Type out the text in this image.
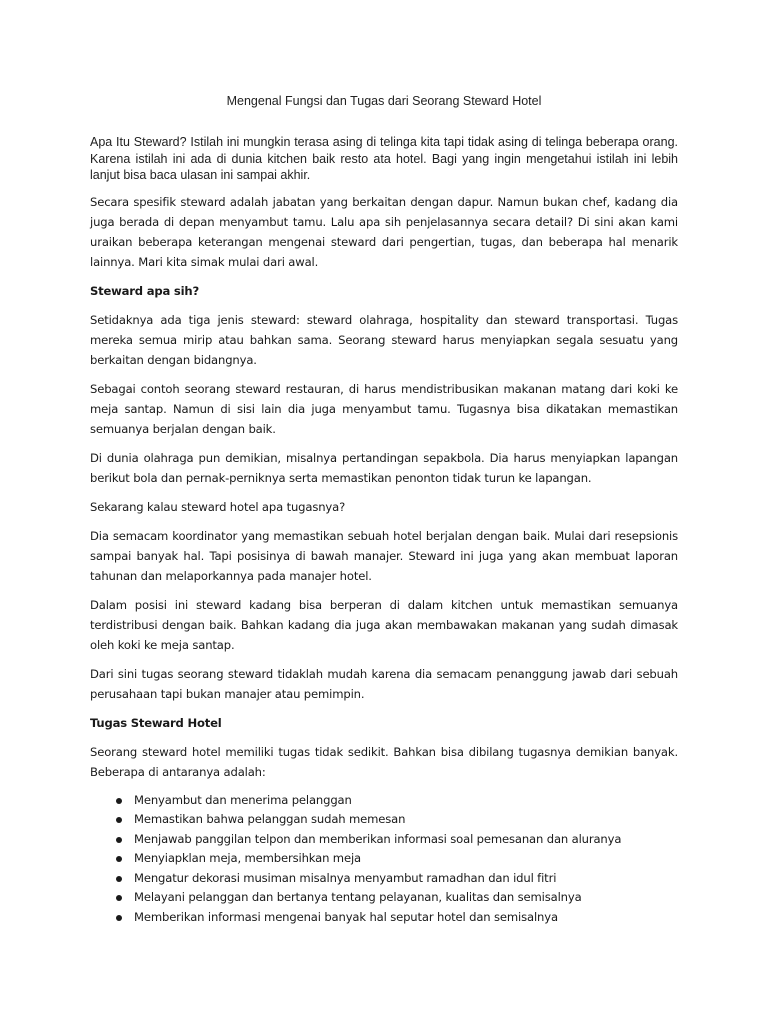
Mengenal Fungsi dan Tugas dari Seorang Steward Hotel

Apa Itu Steward? Istilah ini mungkin terasa asing di telinga kita tapi tidak asing di telinga beberapa orang. Karena istilah ini ada di dunia kitchen baik resto ata hotel. Bagi yang ingin mengetahui istilah ini lebih lanjut bisa baca ulasan ini sampai akhir.

Secara spesifik steward adalah jabatan yang berkaitan dengan dapur. Namun bukan chef, kadang dia juga berada di depan menyambut tamu. Lalu apa sih penjelasannya secara detail? Di sini akan kami uraikan beberapa keterangan mengenai steward dari pengertian, tugas, dan beberapa hal menarik lainnya. Mari kita simak mulai dari awal.

Steward apa sih?

Setidaknya ada tiga jenis steward: steward olahraga, hospitality dan steward transportasi. Tugas mereka semua mirip atau bahkan sama. Seorang steward harus menyiapkan segala sesuatu yang berkaitan dengan bidangnya.

Sebagai contoh seorang steward restauran, di harus mendistribusikan makanan matang dari koki ke meja santap. Namun di sisi lain dia juga menyambut tamu. Tugasnya bisa dikatakan memastikan semuanya berjalan dengan baik.

Di dunia olahraga pun demikian, misalnya pertandingan sepakbola. Dia harus menyiapkan lapangan berikut bola dan pernak-perniknya serta memastikan penonton tidak turun ke lapangan.

Sekarang kalau steward hotel apa tugasnya?

Dia semacam koordinator yang memastikan sebuah hotel berjalan dengan baik. Mulai dari resepsionis sampai banyak hal. Tapi posisinya di bawah manajer. Steward ini juga yang akan membuat laporan tahunan dan melaporkannya pada manajer hotel.

Dalam posisi ini steward kadang bisa berperan di dalam kitchen untuk memastikan semuanya terdistribusi dengan baik. Bahkan kadang dia juga akan membawakan makanan yang sudah dimasak oleh koki ke meja santap.

Dari sini tugas seorang steward tidaklah mudah karena dia semacam penanggung jawab dari sebuah perusahaan tapi bukan manajer atau pemimpin.

Tugas Steward Hotel

Seorang steward hotel memiliki tugas tidak sedikit. Bahkan bisa dibilang tugasnya demikian banyak. Beberapa di antaranya adalah:

Menyambut dan menerima pelanggan
Memastikan bahwa pelanggan sudah memesan
Menjawab panggilan telpon dan memberikan informasi soal pemesanan dan aluranya
Menyiapklan meja, membersihkan meja
Mengatur dekorasi musiman misalnya menyambut ramadhan dan idul fitri
Melayani pelanggan dan bertanya tentang pelayanan, kualitas dan semisalnya
Memberikan informasi mengenai banyak hal seputar hotel dan semisalnya
